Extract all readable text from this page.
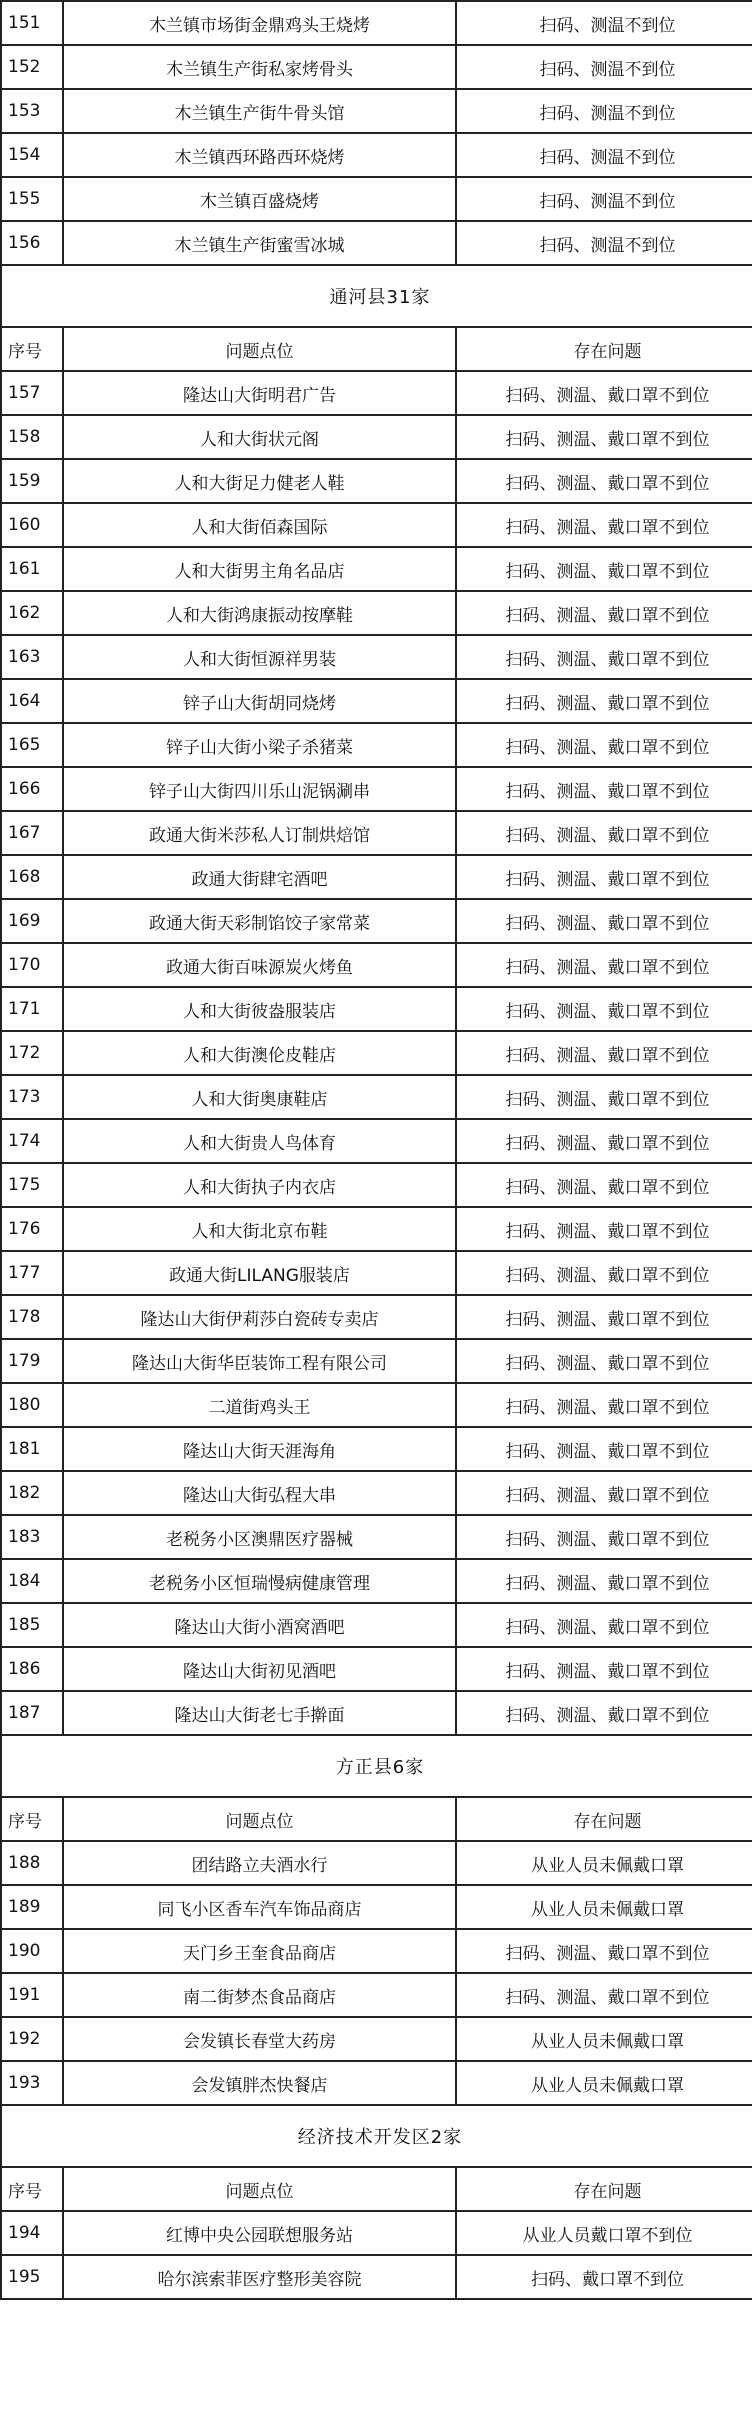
151	木兰镇市场街金鼎鸡头王烧烤	扫码、测温不到位
152	木兰镇生产街私家烤骨头	扫码、测温不到位
153	木兰镇生产街牛骨头馆	扫码、测温不到位
154	木兰镇西环路西环烧烤	扫码、测温不到位
155	木兰镇百盛烧烤	扫码、测温不到位
156	木兰镇生产街蜜雪冰城	扫码、测温不到位
通河县31家		
序号	问题点位	存在问题
157	隆达山大街明君广告	扫码、测温、戴口罩不到位
158	人和大街状元阁	扫码、测温、戴口罩不到位
159	人和大街足力健老人鞋	扫码、测温、戴口罩不到位
160	人和大街佰森国际	扫码、测温、戴口罩不到位
161	人和大街男主角名品店	扫码、测温、戴口罩不到位
162	人和大街鸿康振动按摩鞋	扫码、测温、戴口罩不到位
163	人和大街恒源祥男装	扫码、测温、戴口罩不到位
164	锌子山大街胡同烧烤	扫码、测温、戴口罩不到位
165	锌子山大街小梁子杀猪菜	扫码、测温、戴口罩不到位
166	锌子山大街四川乐山泥锅涮串	扫码、测温、戴口罩不到位
167	政通大街米莎私人订制烘焙馆	扫码、测温、戴口罩不到位
168	政通大街肆宅酒吧	扫码、测温、戴口罩不到位
169	政通大街天彩制馅饺子家常菜	扫码、测温、戴口罩不到位
170	政通大街百味源炭火烤鱼	扫码、测温、戴口罩不到位
171	人和大街彼盎服装店	扫码、测温、戴口罩不到位
172	人和大街澳伦皮鞋店	扫码、测温、戴口罩不到位
173	人和大街奥康鞋店	扫码、测温、戴口罩不到位
174	人和大街贵人鸟体育	扫码、测温、戴口罩不到位
175	人和大街执子内衣店	扫码、测温、戴口罩不到位
176	人和大街北京布鞋	扫码、测温、戴口罩不到位
177	政通大街LILANG服装店	扫码、测温、戴口罩不到位
178	隆达山大街伊莉莎白瓷砖专卖店	扫码、测温、戴口罩不到位
179	隆达山大街华臣装饰工程有限公司	扫码、测温、戴口罩不到位
180	二道街鸡头王	扫码、测温、戴口罩不到位
181	隆达山大街天涯海角	扫码、测温、戴口罩不到位
182	隆达山大街弘程大串	扫码、测温、戴口罩不到位
183	老税务小区澳鼎医疗器械	扫码、测温、戴口罩不到位
184	老税务小区恒瑞慢病健康管理	扫码、测温、戴口罩不到位
185	隆达山大街小酒窝酒吧	扫码、测温、戴口罩不到位
186	隆达山大街初见酒吧	扫码、测温、戴口罩不到位
187	隆达山大街老七手擀面	扫码、测温、戴口罩不到位
方正县6家		
序号	问题点位	存在问题
188	团结路立夫酒水行	从业人员未佩戴口罩
189	同飞小区香车汽车饰品商店	从业人员未佩戴口罩
190	天门乡王奎食品商店	扫码、测温、戴口罩不到位
191	南二街梦杰食品商店	扫码、测温、戴口罩不到位
192	会发镇长春堂大药房	从业人员未佩戴口罩
193	会发镇胖杰快餐店	从业人员未佩戴口罩
经济技术开发区2家		
序号	问题点位	存在问题
194	红博中央公园联想服务站	从业人员戴口罩不到位
195	哈尔滨索菲医疗整形美容院	扫码、戴口罩不到位
